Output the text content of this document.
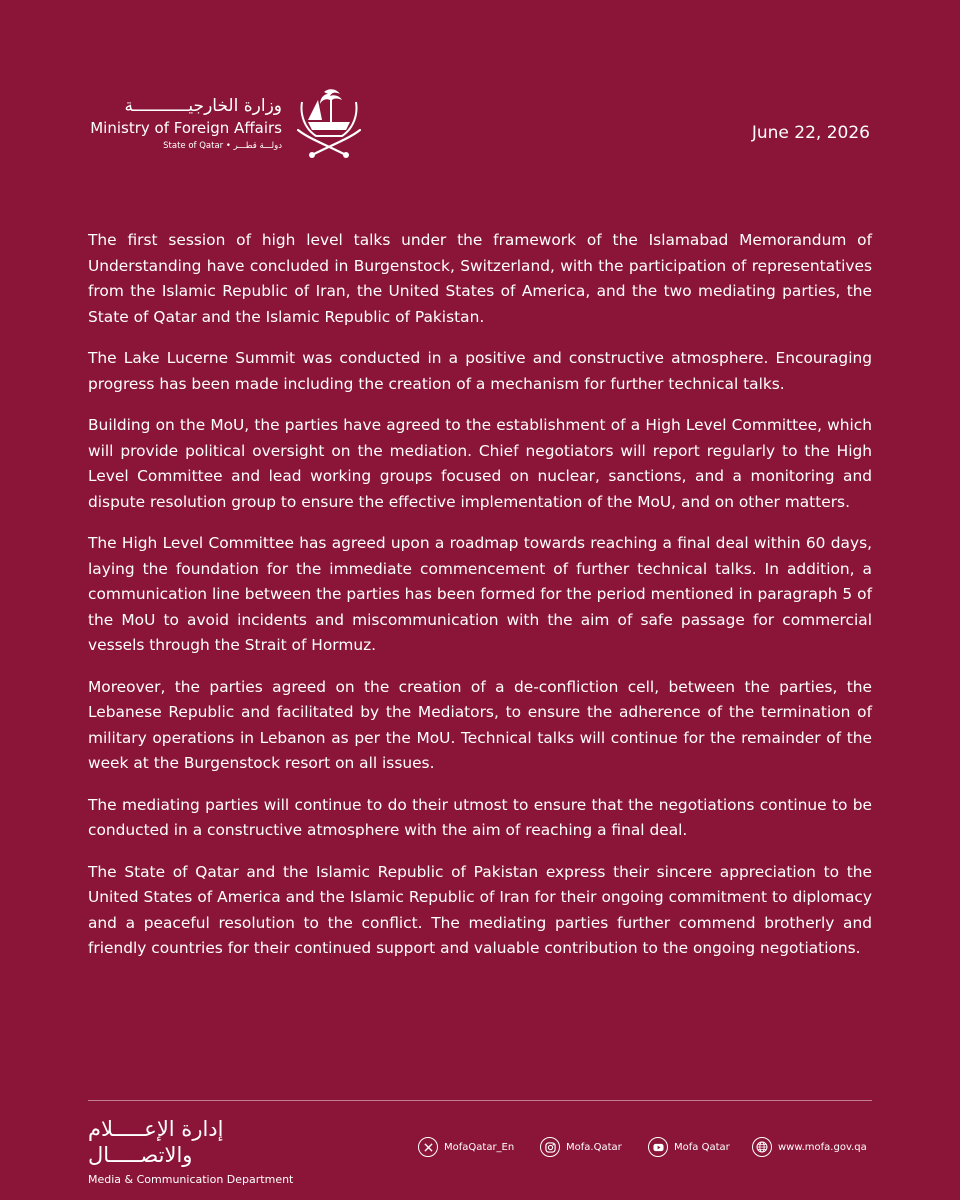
وزارة الخارجيـــــــــــة
Ministry of Foreign Affairs
State of Qatar • دولـــة قطـــر
June 22, 2026

The first session of high level talks under the framework of the Islamabad Memorandum of Understanding have concluded in Burgenstock, Switzerland, with the participation of representatives from the Islamic Republic of Iran, the United States of America, and the two mediating parties, the State of Qatar and the Islamic Republic of Pakistan.

The Lake Lucerne Summit was conducted in a positive and constructive atmosphere. Encouraging progress has been made including the creation of a mechanism for further technical talks.

Building on the MoU, the parties have agreed to the establishment of a High Level Committee, which will provide political oversight on the mediation. Chief negotiators will report regularly to the High Level Committee and lead working groups focused on nuclear, sanctions, and a monitoring and dispute resolution group to ensure the effective implementation of the MoU, and on other matters.

The High Level Committee has agreed upon a roadmap towards reaching a final deal within 60 days, laying the foundation for the immediate commencement of further technical talks. In addition, a communication line between the parties has been formed for the period mentioned in paragraph 5 of the MoU to avoid incidents and miscommunication with the aim of safe passage for commercial vessels through the Strait of Hormuz.

Moreover, the parties agreed on the creation of a de-confliction cell, between the parties, the Lebanese Republic and facilitated by the Mediators, to ensure the adherence of the termination of military operations in Lebanon as per the MoU. Technical talks will continue for the remainder of the week at the Burgenstock resort on all issues.

The mediating parties will continue to do their utmost to ensure that the negotiations continue to be conducted in a constructive atmosphere with the aim of reaching a final deal.

The State of Qatar and the Islamic Republic of Pakistan express their sincere appreciation to the United States of America and the Islamic Republic of Iran for their ongoing commitment to diplomacy and a peaceful resolution to the conflict. The mediating parties further commend brotherly and friendly countries for their continued support and valuable contribution to the ongoing negotiations.

إدارة الإعـــــلام والاتصـــــال
Media & Communication Department
MofaQatar_En	Mofa.Qatar	Mofa Qatar	www.mofa.gov.qa
